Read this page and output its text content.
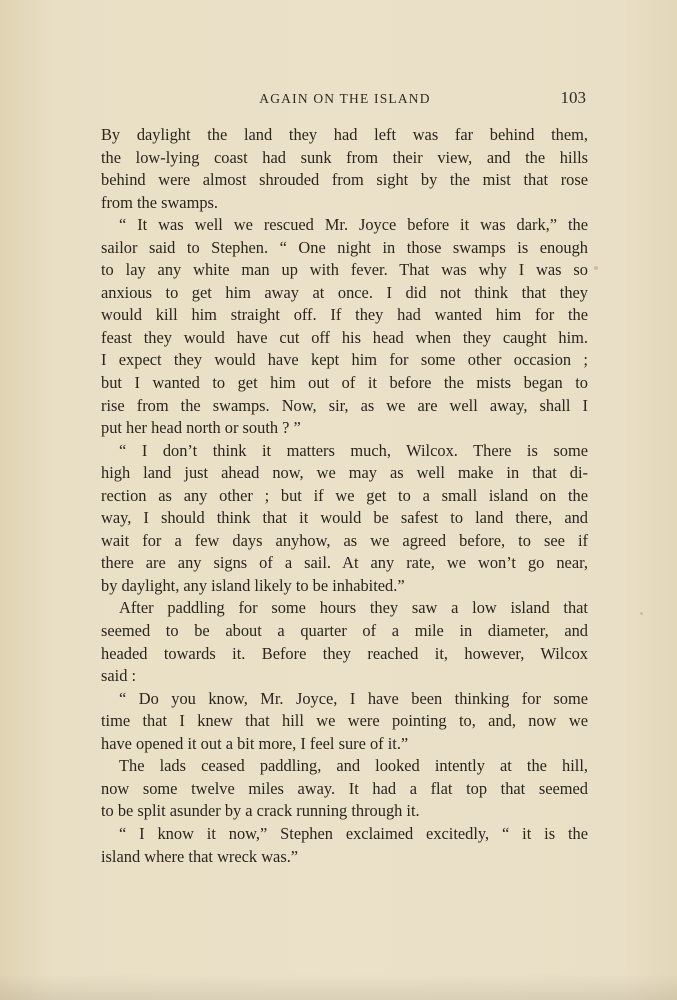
AGAIN ON THE ISLAND	103
By daylight the land they had left was far behind them,
the low-lying coast had sunk from their view, and the hills
behind were almost shrouded from sight by the mist that rose
from the swamps.
“ It was well we rescued Mr. Joyce before it was dark,” the
sailor said to Stephen. “ One night in those swamps is enough
to lay any white man up with fever. That was why I was so
anxious to get him away at once. I did not think that they
would kill him straight off. If they had wanted him for the
feast they would have cut off his head when they caught him.
I expect they would have kept him for some other occasion ;
but I wanted to get him out of it before the mists began to
rise from the swamps. Now, sir, as we are well away, shall I
put her head north or south ? ”
“ I don’t think it matters much, Wilcox. There is some
high land just ahead now, we may as well make in that di-
rection as any other ; but if we get to a small island on the
way, I should think that it would be safest to land there, and
wait for a few days anyhow, as we agreed before, to see if
there are any signs of a sail. At any rate, we won’t go near,
by daylight, any island likely to be inhabited.”
After paddling for some hours they saw a low island that
seemed to be about a quarter of a mile in diameter, and
headed towards it. Before they reached it, however, Wilcox
said :
“ Do you know, Mr. Joyce, I have been thinking for some
time that I knew that hill we were pointing to, and, now we
have opened it out a bit more, I feel sure of it.”
The lads ceased paddling, and looked intently at the hill,
now some twelve miles away. It had a flat top that seemed
to be split asunder by a crack running through it.
“ I know it now,” Stephen exclaimed excitedly, “ it is the
island where that wreck was.”
